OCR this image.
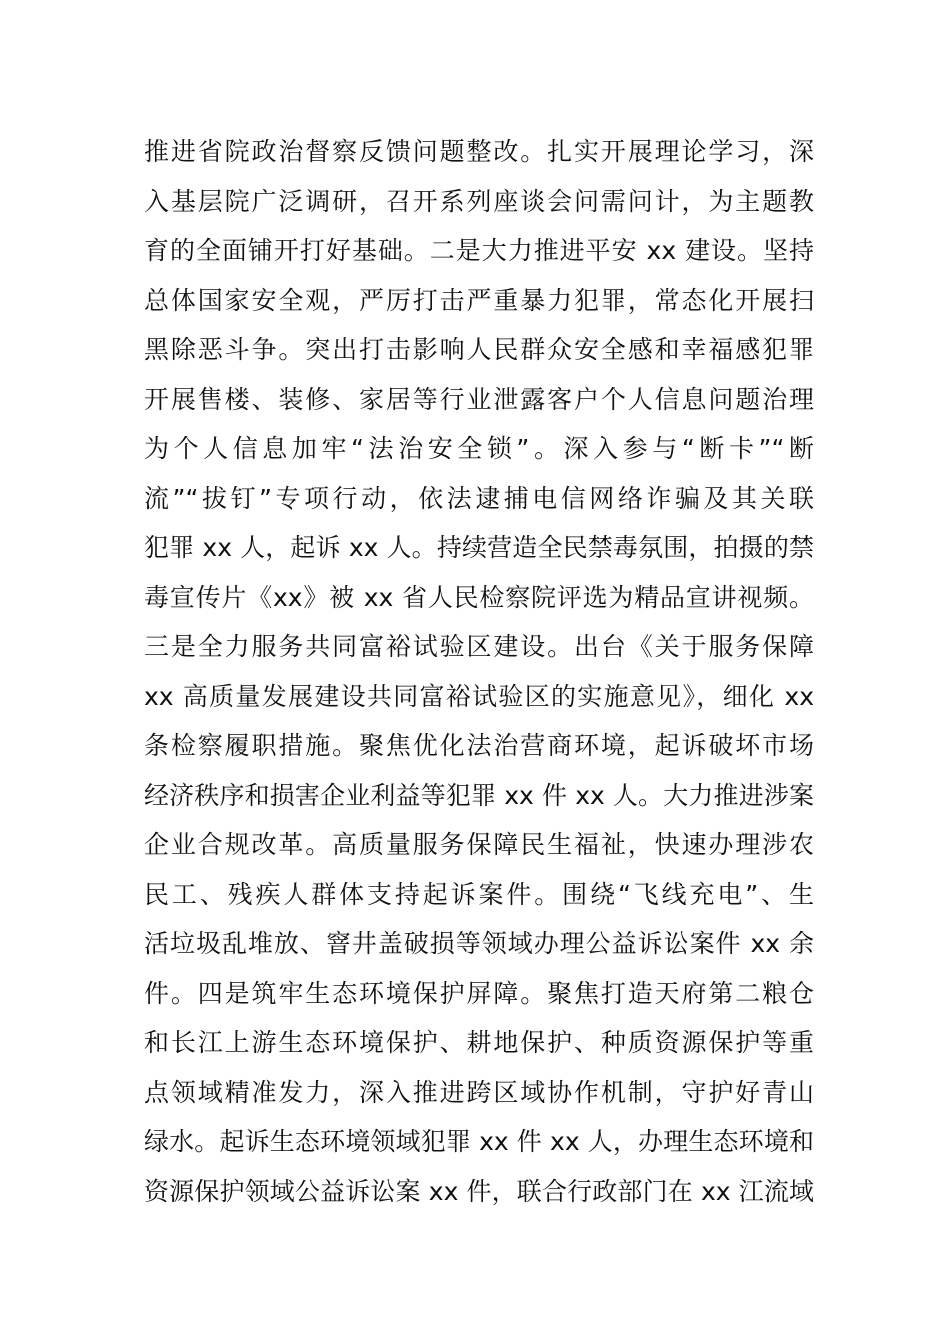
推进省院政治督察反馈问题整改。扎实开展理论学习，深
入基层院广泛调研，召开系列座谈会问需问计，为主题教
育的全面铺开打好基础。二是大力推进平安 xx 建设。坚持
总体国家安全观，严厉打击严重暴力犯罪，常态化开展扫
黑除恶斗争。突出打击影响人民群众安全感和幸福感犯罪
开展售楼、装修、家居等行业泄露客户个人信息问题治理
为个人信息加牢“法治安全锁”。深入参与“断卡”“断
流”“拔钉”专项行动，依法逮捕电信网络诈骗及其关联
犯罪 xx 人，起诉 xx 人。持续营造全民禁毒氛围，拍摄的禁
毒宣传片《xx》被 xx 省人民检察院评选为精品宣讲视频。
三是全力服务共同富裕试验区建设。出台《关于服务保障
xx 高质量发展建设共同富裕试验区的实施意见》，细化 xx
条检察履职措施。聚焦优化法治营商环境，起诉破坏市场
经济秩序和损害企业利益等犯罪 xx 件 xx 人。大力推进涉案
企业合规改革。高质量服务保障民生福祉，快速办理涉农
民工、残疾人群体支持起诉案件。围绕“飞线充电”、生
活垃圾乱堆放、窨井盖破损等领域办理公益诉讼案件 xx 余
件。四是筑牢生态环境保护屏障。聚焦打造天府第二粮仓
和长江上游生态环境保护、耕地保护、种质资源保护等重
点领域精准发力，深入推进跨区域协作机制，守护好青山
绿水。起诉生态环境领域犯罪 xx 件 xx 人，办理生态环境和
资源保护领域公益诉讼案 xx 件，联合行政部门在 xx 江流域
